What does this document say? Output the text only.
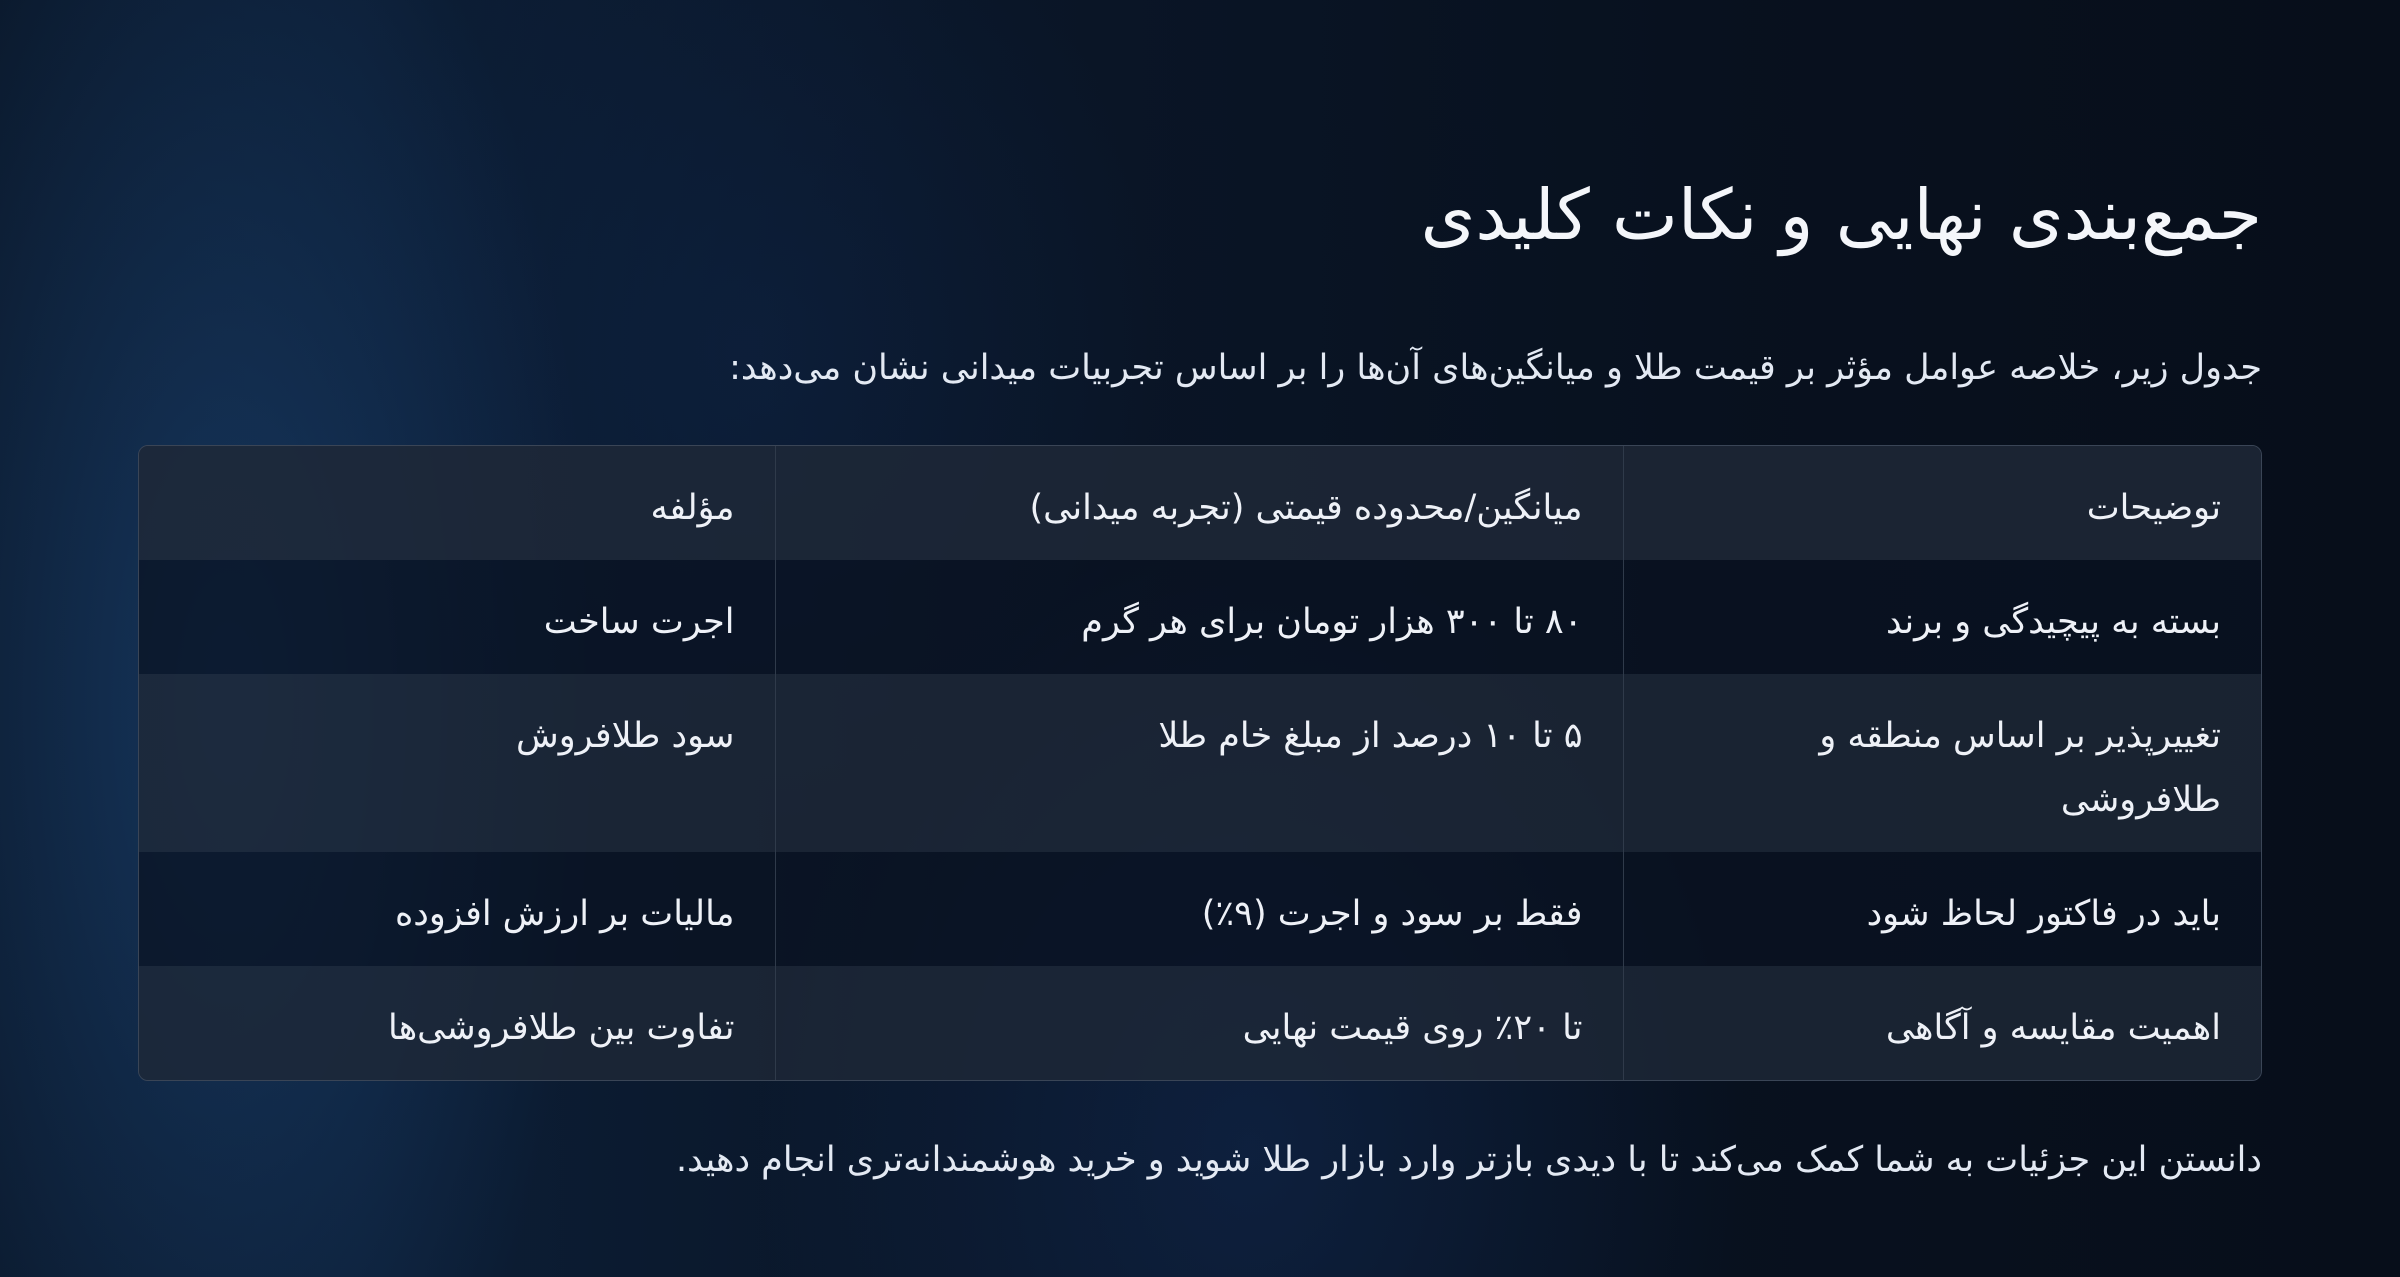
جمع‌بندی نهایی و نکات کلیدی

جدول زیر، خلاصه عوامل مؤثر بر قیمت طلا و میانگین‌های آن‌ها را بر اساس تجربیات میدانی نشان می‌دهد:

توضیحات	میانگین/محدوده قیمتی (تجربه میدانی)	مؤلفه
بسته به پیچیدگی و برند	۸۰ تا ۳۰۰ هزار تومان برای هر گرم	اجرت ساخت
تغییرپذیر بر اساس منطقه و طلافروشی	۵ تا ۱۰ درصد از مبلغ خام طلا	سود طلافروش
باید در فاکتور لحاظ شود	فقط بر سود و اجرت (۹٪)	مالیات بر ارزش افزوده
اهمیت مقایسه و آگاهی	تا ۲۰٪ روی قیمت نهایی	تفاوت بین طلافروشی‌ها

دانستن این جزئیات به شما کمک می‌کند تا با دیدی بازتر وارد بازار طلا شوید و خرید هوشمندانه‌تری انجام دهید.
